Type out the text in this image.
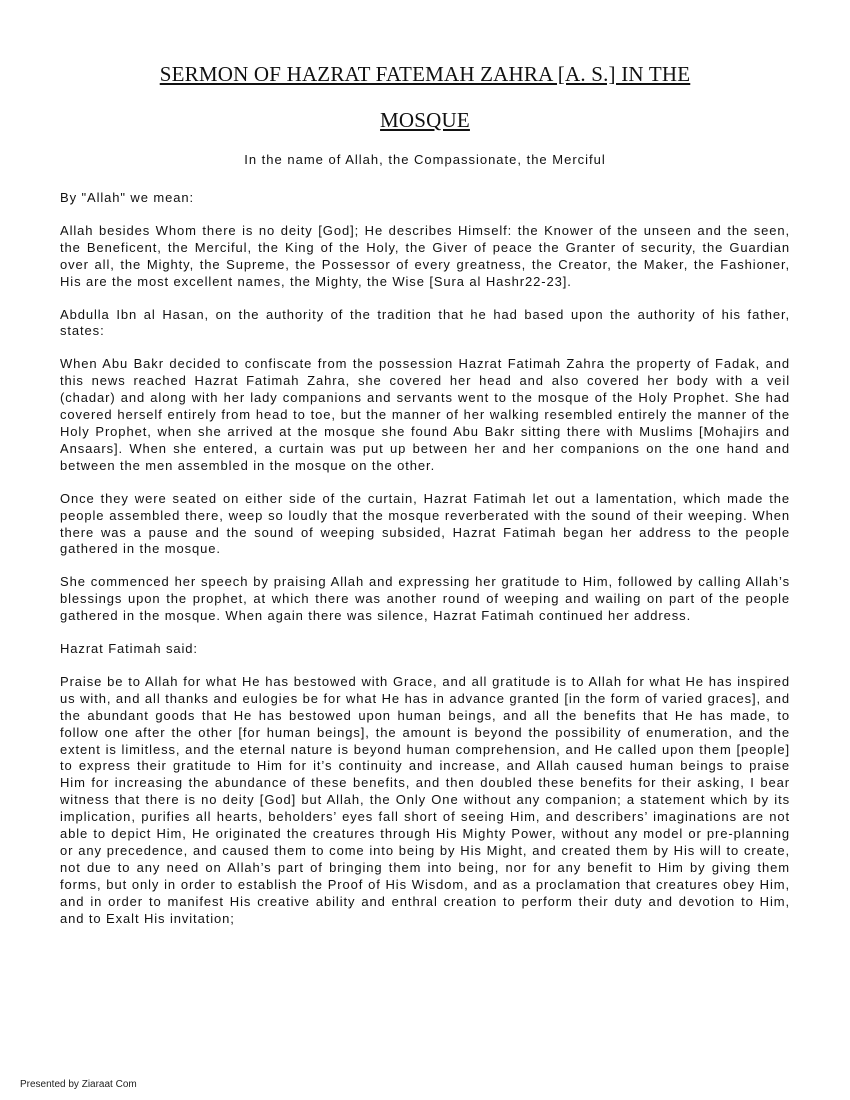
SERMON OF HAZRAT FATEMAH ZAHRA [A. S.] IN THE
MOSQUE

In the name of Allah, the Compassionate, the Merciful

By "Allah" we mean:

Allah besides Whom there is no deity [God]; He describes Himself: the Knower of the unseen and the seen, the Beneficent, the Merciful, the King of the Holy, the Giver of peace the Granter of security, the Guardian over all, the Mighty, the Supreme, the Possessor of every greatness, the Creator, the Maker, the Fashioner, His are the most excellent names, the Mighty, the Wise [Sura al Hashr22-23].

Abdulla Ibn al Hasan, on the authority of the tradition that he had based upon the authority of his father, states:

When Abu Bakr decided to confiscate from the possession Hazrat Fatimah Zahra the property of Fadak, and this news reached Hazrat Fatimah Zahra, she covered her head and also covered her body with a veil (chadar) and along with her lady companions and servants went to the mosque of the Holy Prophet. She had covered herself entirely from head to toe, but the manner of her walking resembled entirely the manner of the Holy Prophet, when she arrived at the mosque she found Abu Bakr sitting there with Muslims [Mohajirs and Ansaars]. When she entered, a curtain was put up between her and her companions on the one hand and between the men assembled in the mosque on the other.

Once they were seated on either side of the curtain, Hazrat Fatimah let out a lamentation, which made the people assembled there, weep so loudly that the mosque reverberated with the sound of their weeping. When there was a pause and the sound of weeping subsided, Hazrat Fatimah began her address to the people gathered in the mosque.

She commenced her speech by praising Allah and expressing her gratitude to Him, followed by calling Allah’s blessings upon the prophet, at which there was another round of weeping and wailing on part of the people gathered in the mosque. When again there was silence, Hazrat Fatimah continued her address.

Hazrat Fatimah said:

Praise be to Allah for what He has bestowed with Grace, and all gratitude is to Allah for what He has inspired us with, and all thanks and eulogies be for what He has in advance granted [in the form of varied graces], and the abundant goods that He has bestowed upon human beings, and all the benefits that He has made, to follow one after the other [for human beings], the amount is beyond the possibility of enumeration, and the extent is limitless, and the eternal nature is beyond human comprehension, and He called upon them [people] to express their gratitude to Him for it’s continuity and increase, and Allah caused human beings to praise Him for increasing the abundance of these benefits, and then doubled these benefits for their asking, I bear witness that there is no deity [God] but Allah, the Only One without any companion; a statement which by its implication, purifies all hearts, beholders’ eyes fall short of seeing Him, and describers’ imaginations are not able to depict Him, He originated the creatures through His Mighty Power, without any model or pre-planning or any precedence, and caused them to come into being by His Might, and created them by His will to create, not due to any need on Allah’s part of bringing them into being, nor for any benefit to Him by giving them forms, but only in order to establish the Proof of His Wisdom, and as a proclamation that creatures obey Him, and in order to manifest His creative ability and enthral creation to perform their duty and devotion to Him, and to Exalt His invitation;

Presented by Ziaraat Com
